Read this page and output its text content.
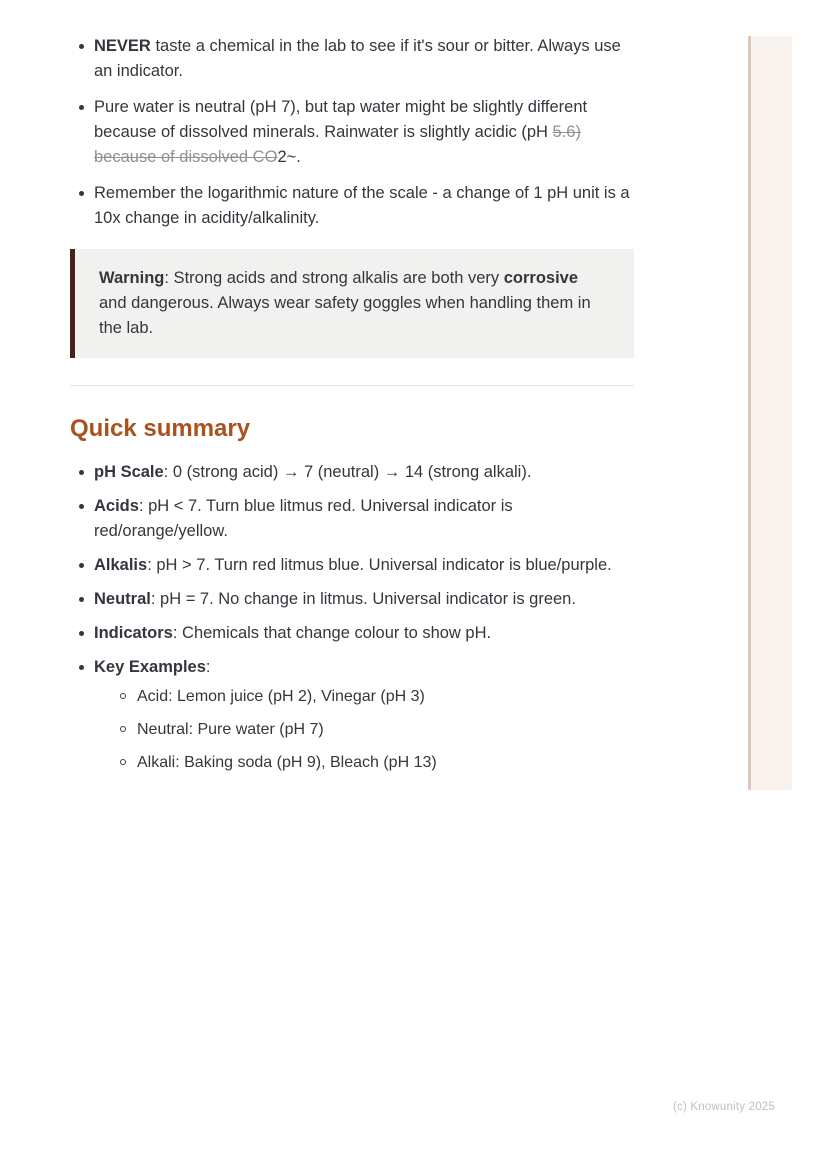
NEVER taste a chemical in the lab to see if it's sour or bitter. Always use an indicator.
Pure water is neutral (pH 7), but tap water might be slightly different because of dissolved minerals. Rainwater is slightly acidic (pH 5.6) because of dissolved CO2~.
Remember the logarithmic nature of the scale - a change of 1 pH unit is a 10x change in acidity/alkalinity.
Warning: Strong acids and strong alkalis are both very corrosive and dangerous. Always wear safety goggles when handling them in the lab.
Quick summary
pH Scale: 0 (strong acid) → 7 (neutral) → 14 (strong alkali).
Acids: pH < 7. Turn blue litmus red. Universal indicator is red/orange/yellow.
Alkalis: pH > 7. Turn red litmus blue. Universal indicator is blue/purple.
Neutral: pH = 7. No change in litmus. Universal indicator is green.
Indicators: Chemicals that change colour to show pH.
Key Examples:
Acid: Lemon juice (pH 2), Vinegar (pH 3)
Neutral: Pure water (pH 7)
Alkali: Baking soda (pH 9), Bleach (pH 13)
(c) Knowunity 2025
